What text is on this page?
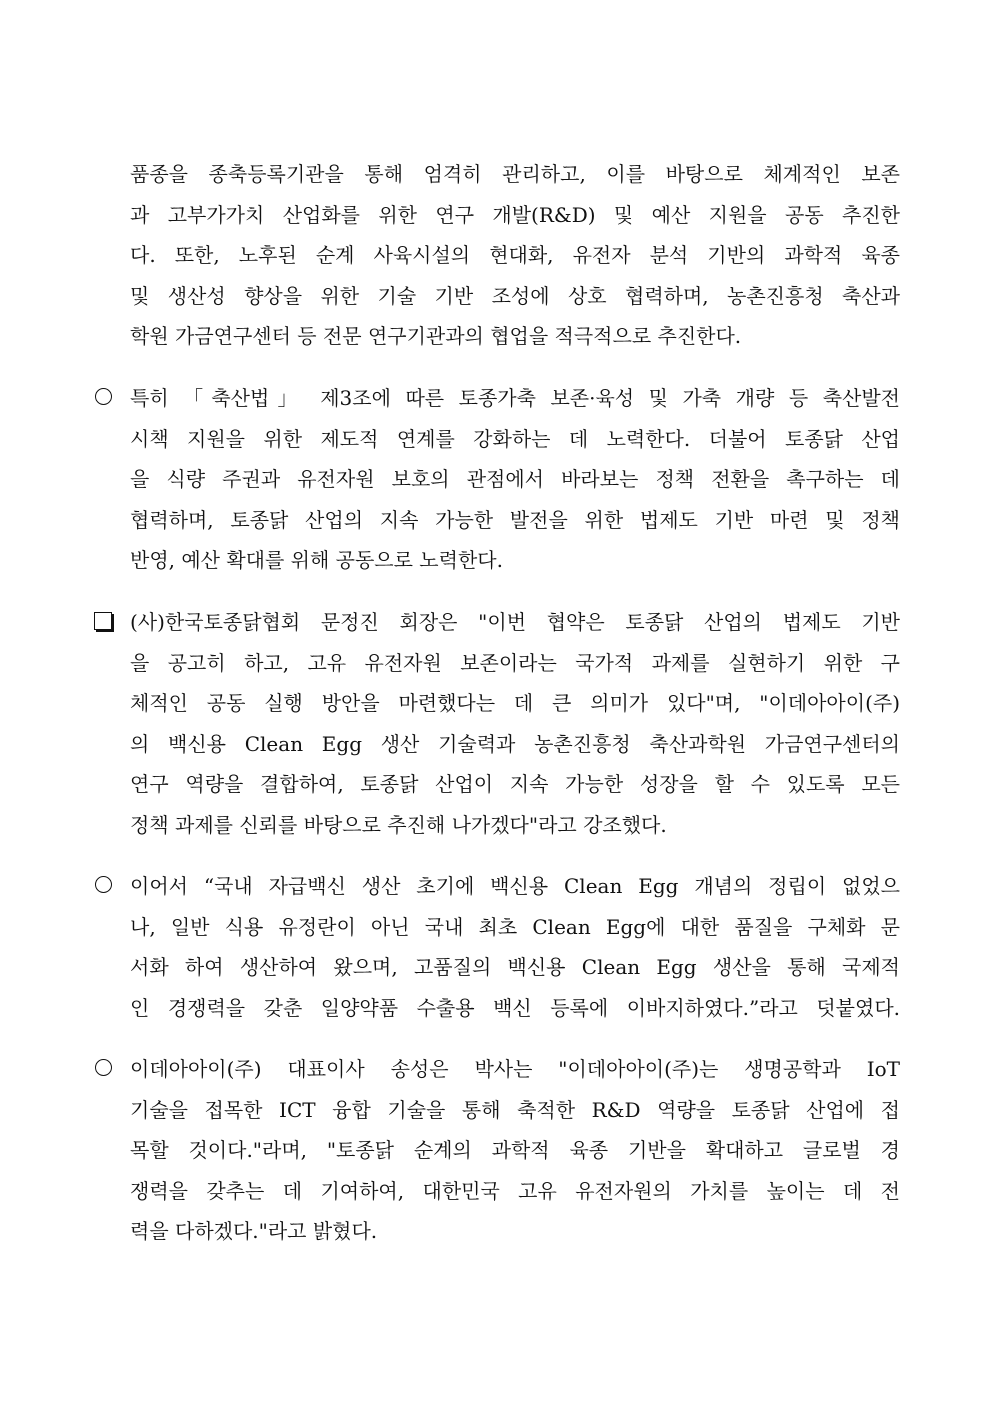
품종을 종축등록기관을 통해 엄격히 관리하고, 이를 바탕으로 체계적인 보존
과 고부가가치 산업화를 위한 연구 개발(R&D) 및 예산 지원을 공동 추진한
다. 또한, 노후된 순계 사육시설의 현대화, 유전자 분석 기반의 과학적 육종
및 생산성 향상을 위한 기술 기반 조성에 상호 협력하며, 농촌진흥청 축산과
학원 가금연구센터 등 전문 연구기관과의 협업을 적극적으로 추진한다.
특히 「축산법」 제3조에 따른 토종가축 보존·육성 및 가축 개량 등 축산발전
시책 지원을 위한 제도적 연계를 강화하는 데 노력한다. 더불어 토종닭 산업
을 식량 주권과 유전자원 보호의 관점에서 바라보는 정책 전환을 촉구하는 데
협력하며, 토종닭 산업의 지속 가능한 발전을 위한 법제도 기반 마련 및 정책
반영, 예산 확대를 위해 공동으로 노력한다.
(사)한국토종닭협회 문정진 회장은 "이번 협약은 토종닭 산업의 법제도 기반
을 공고히 하고, 고유 유전자원 보존이라는 국가적 과제를 실현하기 위한 구
체적인 공동 실행 방안을 마련했다는 데 큰 의미가 있다"며, "이데아아이(주)
의 백신용 Clean Egg 생산 기술력과 농촌진흥청 축산과학원 가금연구센터의
연구 역량을 결합하여, 토종닭 산업이 지속 가능한 성장을 할 수 있도록 모든
정책 과제를 신뢰를 바탕으로 추진해 나가겠다"라고 강조했다.
이어서 “국내 자급백신 생산 초기에 백신용 Clean Egg 개념의 정립이 없었으
나, 일반 식용 유정란이 아닌 국내 최초 Clean Egg에 대한 품질을 구체화 문
서화 하여 생산하여 왔으며, 고품질의 백신용 Clean Egg 생산을 통해 국제적
인 경쟁력을 갖춘 일양약품 수출용 백신 등록에 이바지하였다.”라고 덧붙였다.
이데아아이(주) 대표이사 송성은 박사는 "이데아아이(주)는 생명공학과 IoT
기술을 접목한 ICT 융합 기술을 통해 축적한 R&D 역량을 토종닭 산업에 접
목할 것이다."라며, "토종닭 순계의 과학적 육종 기반을 확대하고 글로벌 경
쟁력을 갖추는 데 기여하여, 대한민국 고유 유전자원의 가치를 높이는 데 전
력을 다하겠다."라고 밝혔다.
